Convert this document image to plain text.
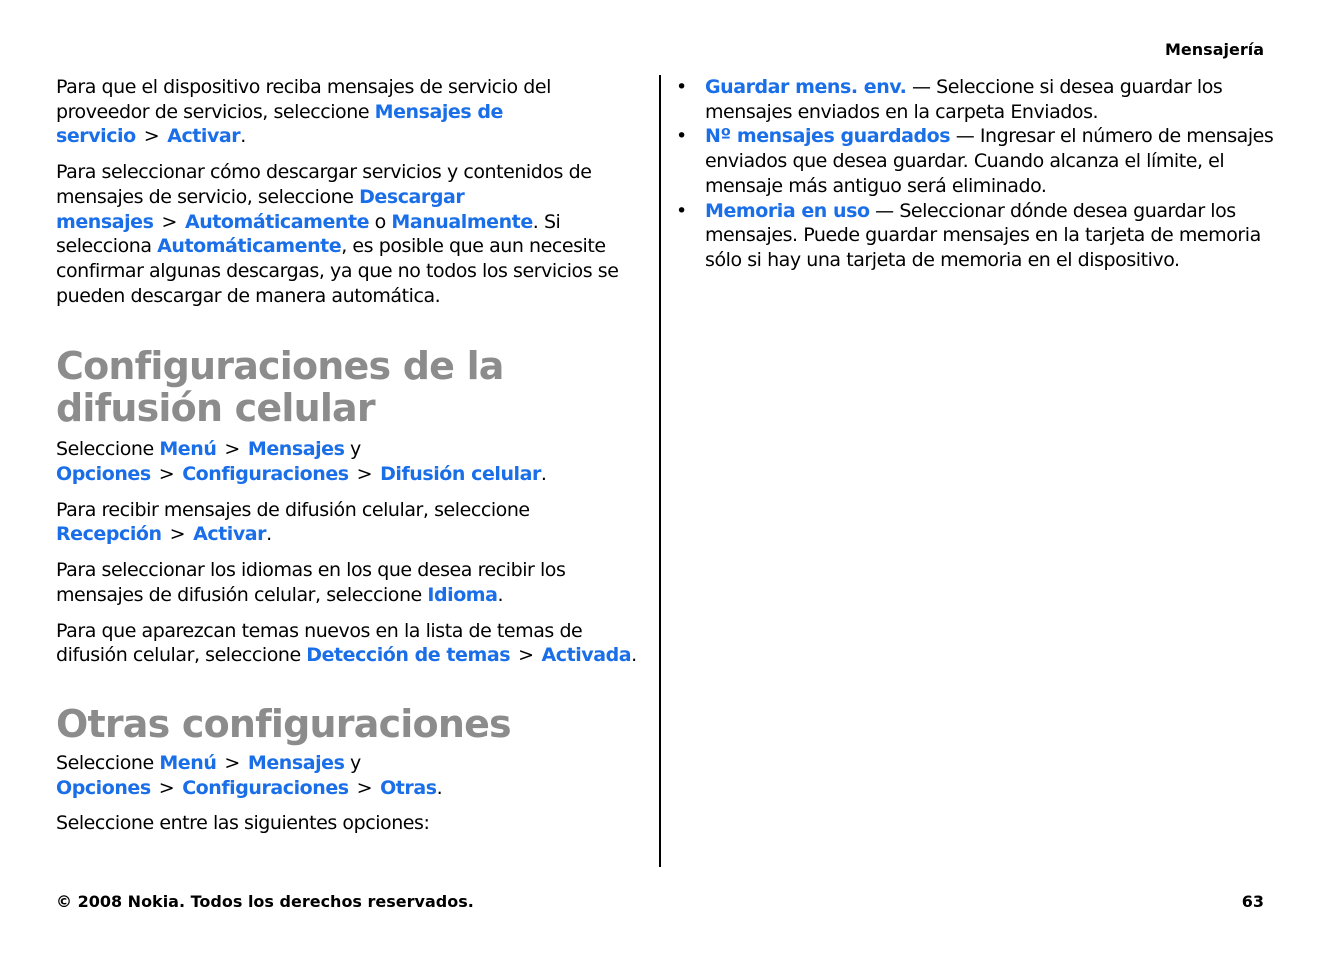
Mensajería

Para que el dispositivo reciba mensajes de servicio del proveedor de servicios, seleccione Mensajes de servicio > Activar.

Para seleccionar cómo descargar servicios y contenidos de mensajes de servicio, seleccione Descargar mensajes > Automáticamente o Manualmente. Si selecciona Automáticamente, es posible que aun necesite confirmar algunas descargas, ya que no todos los servicios se pueden descargar de manera automática.

Configuraciones de la difusión celular

Seleccione Menú > Mensajes y Opciones > Configuraciones > Difusión celular.

Para recibir mensajes de difusión celular, seleccione Recepción > Activar.

Para seleccionar los idiomas en los que desea recibir los mensajes de difusión celular, seleccione Idioma.

Para que aparezcan temas nuevos en la lista de temas de difusión celular, seleccione Detección de temas > Activada.

Otras configuraciones

Seleccione Menú > Mensajes y Opciones > Configuraciones > Otras.

Seleccione entre las siguientes opciones:

• Guardar mens. env. — Seleccione si desea guardar los mensajes enviados en la carpeta Enviados.
• Nº mensajes guardados — Ingresar el número de mensajes enviados que desea guardar. Cuando alcanza el límite, el mensaje más antiguo será eliminado.
• Memoria en uso — Seleccionar dónde desea guardar los mensajes. Puede guardar mensajes en la tarjeta de memoria sólo si hay una tarjeta de memoria en el dispositivo.
© 2008 Nokia. Todos los derechos reservados.	63
